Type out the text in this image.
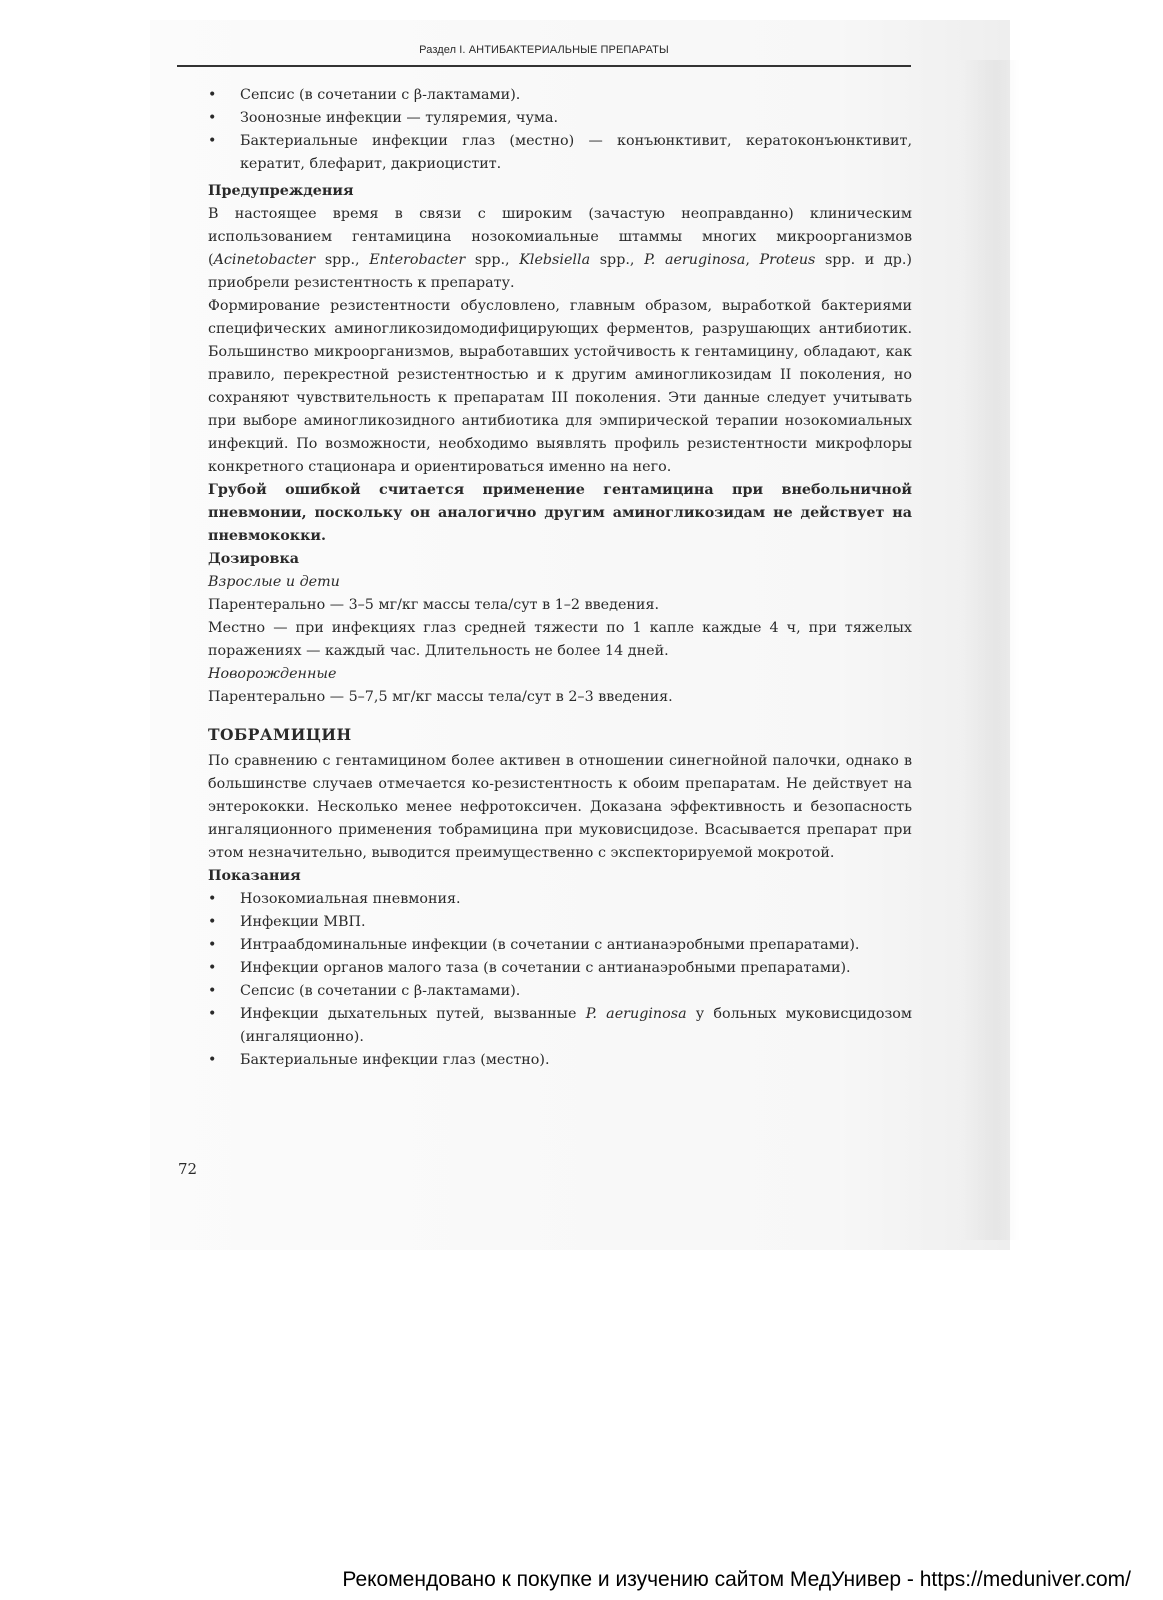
Раздел I. АНТИБАКТЕРИАЛЬНЫЕ ПРЕПАРАТЫ

• Сепсис (в сочетании с β-лактамами).

• Зоонозные инфекции — туляремия, чума.

• Бактериальные инфекции глаз (местно) — конъюнктивит, кератоконъюнктивит, кератит, блефарит, дакриоцистит.

Предупреждения

В настоящее время в связи с широким (зачастую неоправданно) клиническим использованием гентамицина нозокомиальные штаммы многих микроорганизмов (Acinetobacter spp., Enterobacter spp., Klebsiella spp., P. aeruginosa, Proteus spp. и др.) приобрели резистентность к препарату.

Формирование резистентности обусловлено, главным образом, выработкой бактериями специфических аминогликозидомодифицирующих ферментов, разрушающих антибиотик. Большинство микроорганизмов, выработавших устойчивость к гентамицину, обладают, как правило, перекрестной резистентностью и к другим аминогликозидам II поколения, но сохраняют чувствительность к препаратам III поколения. Эти данные следует учитывать при выборе аминогликозидного антибиотика для эмпирической терапии нозокомиальных инфекций. По возможности, необходимо выявлять профиль резистентности микрофлоры конкретного стационара и ориентироваться именно на него.

Грубой ошибкой считается применение гентамицина при внебольничной пневмонии, поскольку он аналогично другим аминогликозидам не действует на пневмококки.

Дозировка

Взрослые и дети

Парентерально — 3–5 мг/кг массы тела/сут в 1–2 введения.

Местно — при инфекциях глаз средней тяжести по 1 капле каждые 4 ч, при тяжелых поражениях — каждый час. Длительность не более 14 дней.

Новорожденные

Парентерально — 5–7,5 мг/кг массы тела/сут в 2–3 введения.

ТОБРАМИЦИН

По сравнению с гентамицином более активен в отношении синегнойной палочки, однако в большинстве случаев отмечается ко-резистентность к обоим препаратам. Не действует на энтерококки. Несколько менее нефротоксичен. Доказана эффективность и безопасность ингаляционного применения тобрамицина при муковисцидозе. Всасывается препарат при этом незначительно, выводится преимущественно с экспекторируемой мокротой.

Показания

• Нозокомиальная пневмония.

• Инфекции МВП.

• Интраабдоминальные инфекции (в сочетании с антианаэробными препаратами).

• Инфекции органов малого таза (в сочетании с антианаэробными препаратами).

• Сепсис (в сочетании с β-лактамами).

• Инфекции дыхательных путей, вызванные P. aeruginosa у больных муковисцидозом (ингаляционно).

• Бактериальные инфекции глаз (местно).

72
Рекомендовано к покупке и изучению сайтом МедУнивер - https://meduniver.com/
